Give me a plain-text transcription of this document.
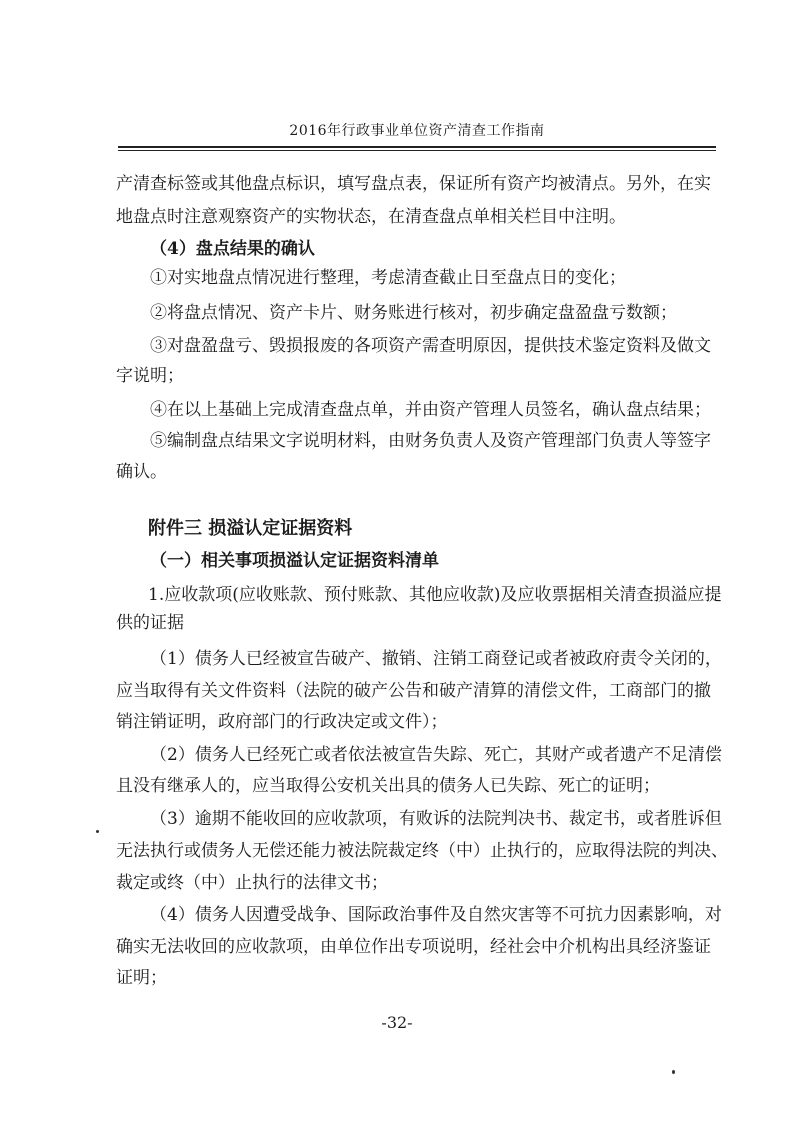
2016年行政事业单位资产清查工作指南
产清查标签或其他盘点标识，填写盘点表，保证所有资产均被清点。另外，在实
地盘点时注意观察资产的实物状态，在清查盘点单相关栏目中注明。
（4）盘点结果的确认
①对实地盘点情况进行整理，考虑清查截止日至盘点日的变化；
②将盘点情况、资产卡片、财务账进行核对，初步确定盘盈盘亏数额；
③对盘盈盘亏、毁损报废的各项资产需查明原因，提供技术鉴定资料及做文
字说明；
④在以上基础上完成清查盘点单，并由资产管理人员签名，确认盘点结果；
⑤编制盘点结果文字说明材料，由财务负责人及资产管理部门负责人等签字
确认。
附件三 损溢认定证据资料
（一）相关事项损溢认定证据资料清单
1.应收款项(应收账款、预付账款、其他应收款)及应收票据相关清查损溢应提
供的证据
（1）债务人已经被宣告破产、撤销、注销工商登记或者被政府责令关闭的，
应当取得有关文件资料（法院的破产公告和破产清算的清偿文件，工商部门的撤
销注销证明，政府部门的行政决定或文件）；
（2）债务人已经死亡或者依法被宣告失踪、死亡，其财产或者遗产不足清偿
且没有继承人的，应当取得公安机关出具的债务人已失踪、死亡的证明；
（3）逾期不能收回的应收款项，有败诉的法院判决书、裁定书，或者胜诉但
无法执行或债务人无偿还能力被法院裁定终（中）止执行的，应取得法院的判决、
裁定或终（中）止执行的法律文书；
（4）债务人因遭受战争、国际政治事件及自然灾害等不可抗力因素影响，对
确实无法收回的应收款项，由单位作出专项说明，经社会中介机构出具经济鉴证
证明；
-32-
